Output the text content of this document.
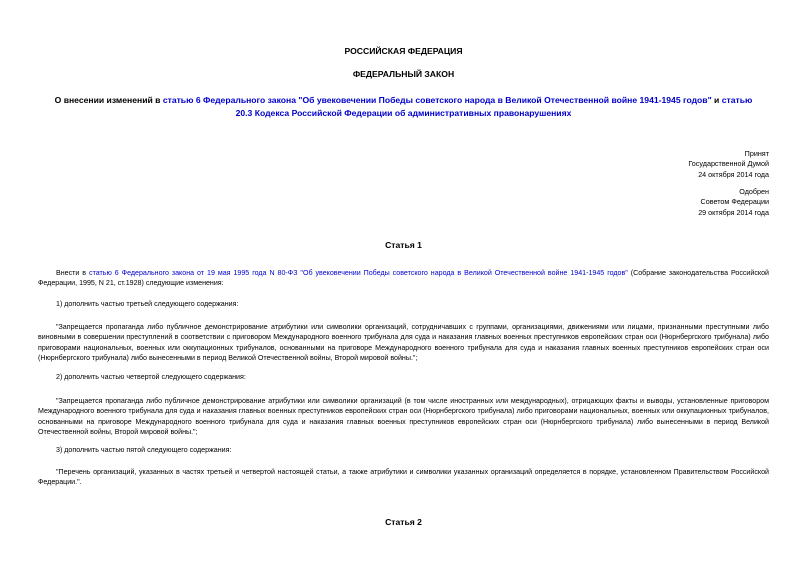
РОССИЙСКАЯ ФЕДЕРАЦИЯ
ФЕДЕРАЛЬНЫЙ ЗАКОН
О внесении изменений в статью 6 Федерального закона "Об увековечении Победы советского народа в Великой Отечественной войне 1941-1945 годов" и статью
20.3 Кодекса Российской Федерации об административных правонарушениях
Принят
Государственной Думой
24 октября 2014 года
Одобрен
Советом Федерации
29 октября 2014 года
Статья 1
Внести в статью 6 Федерального закона от 19 мая 1995 года N 80-ФЗ "Об увековечении Победы советского народа в Великой Отечественной войне 1941-1945 годов" (Собрание законодательства Российской Федерации, 1995, N 21, ст.1928) следующие изменения:
1) дополнить частью третьей следующего содержания:
"Запрещается пропаганда либо публичное демонстрирование атрибутики или символики организаций, сотрудничавших с группами, организациями, движениями или лицами, признанными преступными либо виновными в совершении преступлений в соответствии с приговором Международного военного трибунала для суда и наказания главных военных преступников европейских стран оси (Нюрнбергского трибунала) либо приговорами национальных, военных или оккупационных трибуналов, основанными на приговоре Международного военного трибунала для суда и наказания главных военных преступников европейских стран оси (Нюрнбергского трибунала) либо вынесенными в период Великой Отечественной войны, Второй мировой войны.";
2) дополнить частью четвертой следующего содержания:
"Запрещается пропаганда либо публичное демонстрирование атрибутики или символики организаций (в том числе иностранных или международных), отрицающих факты и выводы, установленные приговором Международного военного трибунала для суда и наказания главных военных преступников европейских стран оси (Нюрнбергского трибунала) либо приговорами национальных, военных или оккупационных трибуналов, основанными на приговоре Международного военного трибунала для суда и наказания главных военных преступников европейских стран оси (Нюрнбергского трибунала) либо вынесенными в период Великой Отечественной войны, Второй мировой войны.";
3) дополнить частью пятой следующего содержания:
"Перечень организаций, указанных в частях третьей и четвертой настоящей статьи, а также атрибутики и символики указанных организаций определяется в порядке, установленном Правительством Российской Федерации.".
Статья 2
